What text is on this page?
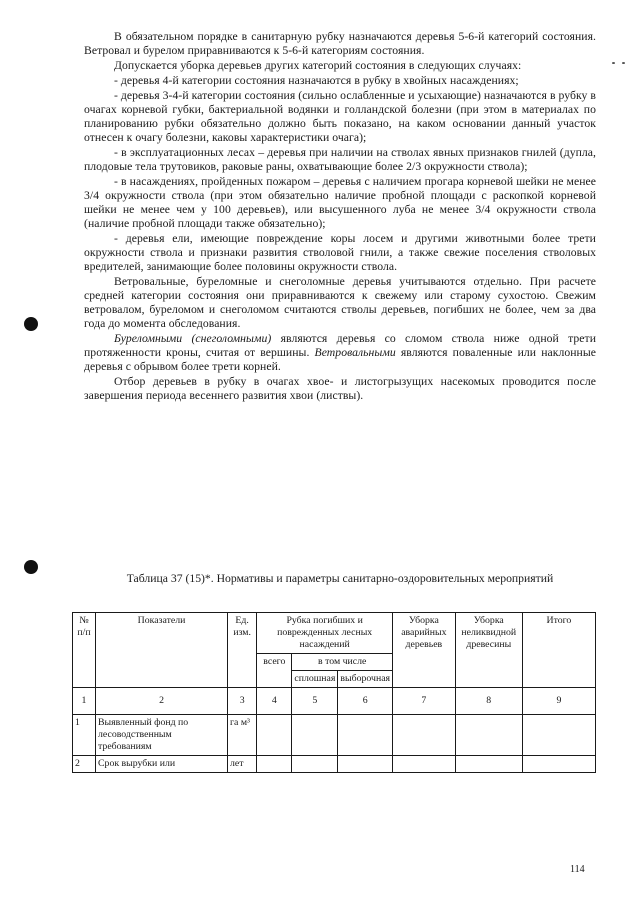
В обязательном порядке в санитарную рубку назначаются деревья 5-6-й категорий состояния. Ветровал и бурелом приравниваются к 5-6-й категориям состояния.

Допускается уборка деревьев других категорий состояния в следующих случаях:

- деревья 4-й категории состояния назначаются в рубку в хвойных насаждениях;

- деревья 3-4-й категории состояния (сильно ослабленные и усыхающие) назначаются в рубку в очагах корневой губки, бактериальной водянки и голландской болезни (при этом в материалах по планированию рубки обязательно должно быть показано, на каком основании данный участок отнесен к очагу болезни, каковы характеристики очага);

- в эксплуатационных лесах – деревья при наличии на стволах явных признаков гнилей (дупла, плодовые тела трутовиков, раковые раны, охватывающие более 2/3 окружности ствола);

- в насаждениях, пройденных пожаром – деревья с наличием прогара корневой шейки не менее 3/4 окружности ствола (при этом обязательно наличие пробной площади с раскопкой корневой шейки не менее чем у 100 деревьев), или высушенного луба не менее 3/4 окружности ствола (наличие пробной площади также обязательно);

- деревья ели, имеющие повреждение коры лосем и другими животными более трети окружности ствола и признаки развития стволовой гнили, а также свежие поселения стволовых вредителей, занимающие более половины окружности ствола.

Ветровальные, буреломные и снеголомные деревья учитываются отдельно. При расчете средней категории состояния они приравниваются к свежему или старому сухостою. Свежим ветровалом, буреломом и снеголомом считаются стволы деревьев, погибших не более, чем за два года до момента обследования.

Буреломными (снеголомными) являются деревья со сломом ствола ниже одной трети протяженности кроны, считая от вершины. Ветровальными являются поваленные или наклонные деревья с обрывом более трети корней.

Отбор деревьев в рубку в очагах хвое- и листогрызущих насекомых проводится после завершения периода весеннего развития хвои (листвы).

Таблица 37 (15)*. Нормативы и параметры санитарно-оздоровительных мероприятий
№ п/п	Показатели	Ед. изм.	Рубка погибших и поврежденных лесных насаждений			Уборка аварийных деревьев	Уборка неликвидной древесины	Итого
			всего	в том числе				
				сплошная	выборочная			
1	2	3	4	5	6	7	8	9
1	Выявленный фонд по лесоводственным требованиям	га м³						
2	Срок вырубки или	лет						
114
